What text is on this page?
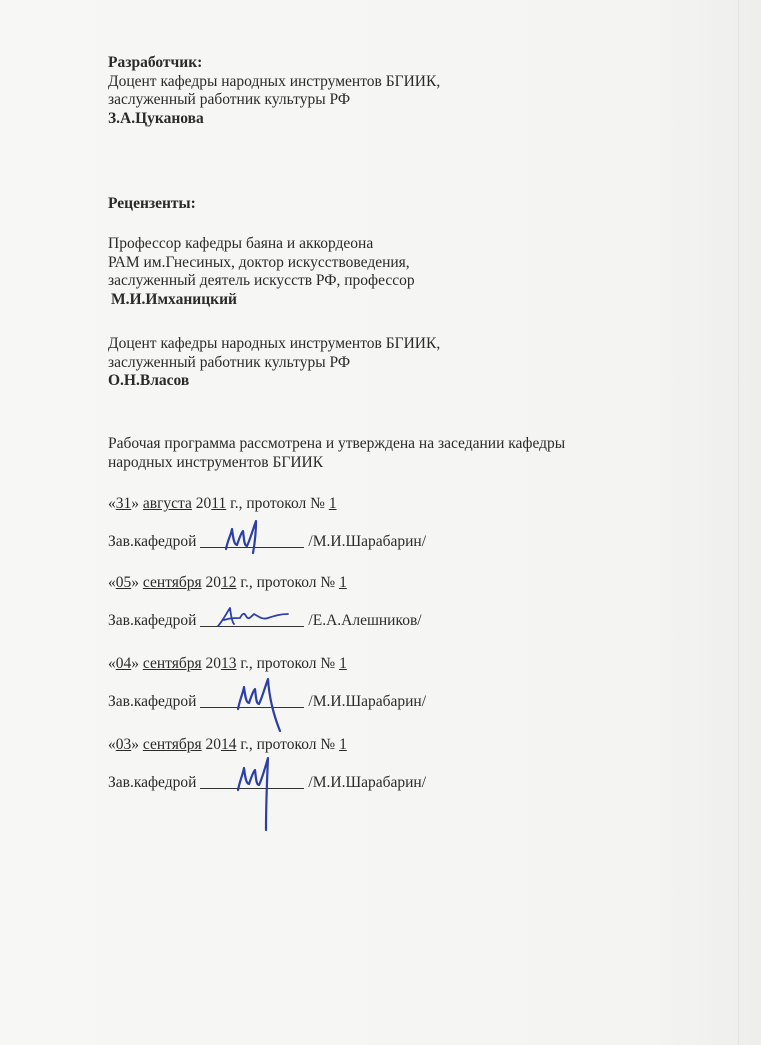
Разработчик:
Доцент кафедры народных инструментов БГИИК,
заслуженный работник культуры РФ
З.А.Цуканова
Рецензенты:
Профессор кафедры баяна и аккордеона
РАМ им.Гнесиных, доктор искусствоведения,
заслуженный деятель искусств РФ, профессор
М.И.Имханицкий
Доцент кафедры народных инструментов БГИИК,
заслуженный работник культуры РФ
О.Н.Власов
Рабочая программа рассмотрена и утверждена на заседании кафедры
народных инструментов БГИИК
«31» августа 2011 г., протокол № 1
Зав.кафедрой	/М.И.Шарабарин/
«05» сентября 2012 г., протокол № 1
Зав.кафедрой	/Е.А.Алешников/
«04» сентября 2013 г., протокол № 1
Зав.кафедрой	/М.И.Шарабарин/
«03» сентября 2014 г., протокол № 1
Зав.кафедрой	/М.И.Шарабарин/
